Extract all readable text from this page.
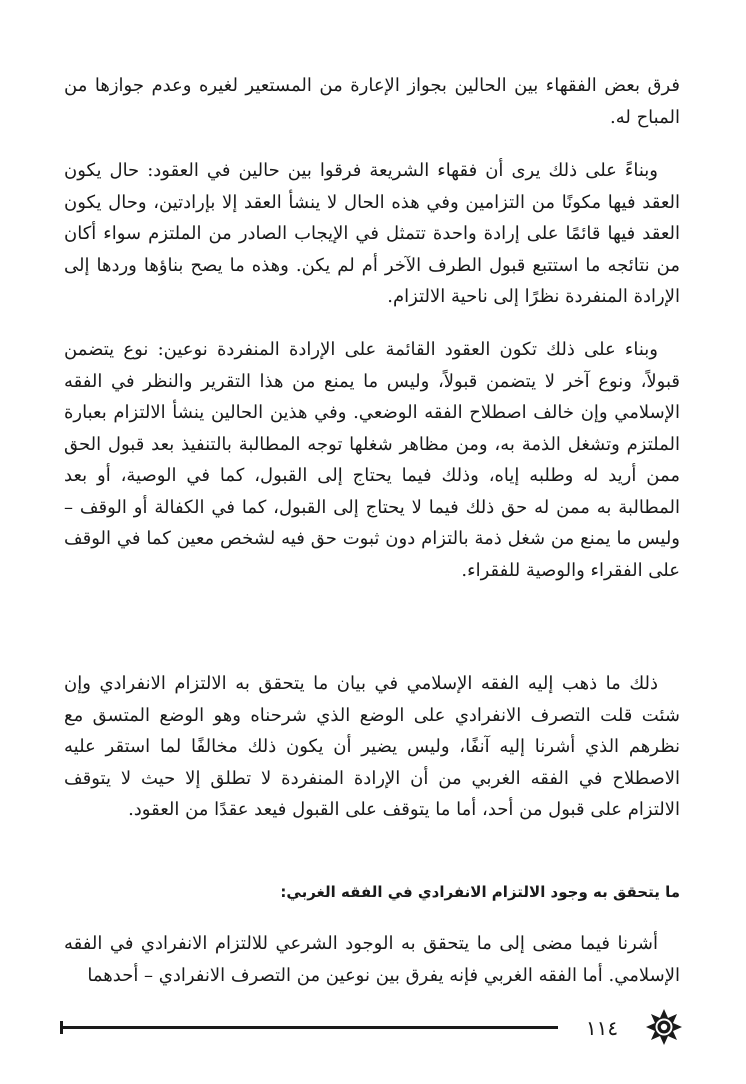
فرق بعض الفقهاء بين الحالين بجواز الإعارة من المستعير لغيره وعدم جوازها من المباح له.

وبناءً على ذلك يرى أن فقهاء الشريعة فرقوا بين حالين في العقود: حال يكون العقد فيها مكونًا من التزامين وفي هذه الحال لا ينشأ العقد إلا بإرادتين، وحال يكون العقد فيها قائمًا على إرادة واحدة تتمثل في الإيجاب الصادر من الملتزم سواء أكان من نتائجه ما استتبع قبول الطرف الآخر أم لم يكن. وهذه ما يصح بناؤها وردها إلى الإرادة المنفردة نظرًا إلى ناحية الالتزام.

وبناء على ذلك تكون العقود القائمة على الإرادة المنفردة نوعين: نوع يتضمن قبولاً، ونوع آخر لا يتضمن قبولاً، وليس ما يمنع من هذا التقرير والنظر في الفقه الإسلامي وإن خالف اصطلاح الفقه الوضعي. وفي هذين الحالين ينشأ الالتزام بعبارة الملتزم وتشغل الذمة به، ومن مظاهر شغلها توجه المطالبة بالتنفيذ بعد قبول الحق ممن أريد له وطلبه إياه، وذلك فيما يحتاج إلى القبول، كما في الوصية، أو بعد المطالبة به ممن له حق ذلك فيما لا يحتاج إلى القبول، كما في الكفالة أو الوقف – وليس ما يمنع من شغل ذمة بالتزام دون ثبوت حق فيه لشخص معين كما في الوقف على الفقراء والوصية للفقراء.

ذلك ما ذهب إليه الفقه الإسلامي في بيان ما يتحقق به الالتزام الانفرادي وإن شئت قلت التصرف الانفرادي على الوضع الذي شرحناه وهو الوضع المتسق مع نظرهم الذي أشرنا إليه آنفًا، وليس يضير أن يكون ذلك مخالفًا لما استقر عليه الاصطلاح في الفقه الغربي من أن الإرادة المنفردة لا تطلق إلا حيث لا يتوقف الالتزام على قبول من أحد، أما ما يتوقف على القبول فيعد عقدًا من العقود.

ما يتحقق به وجود الالتزام الانفرادي في الفقه الغربي:

أشرنا فيما مضى إلى ما يتحقق به الوجود الشرعي للالتزام الانفرادي في الفقه الإسلامي. أما الفقه الغربي فإنه يفرق بين نوعين من التصرف الانفرادي – أحدهما

١١٤
